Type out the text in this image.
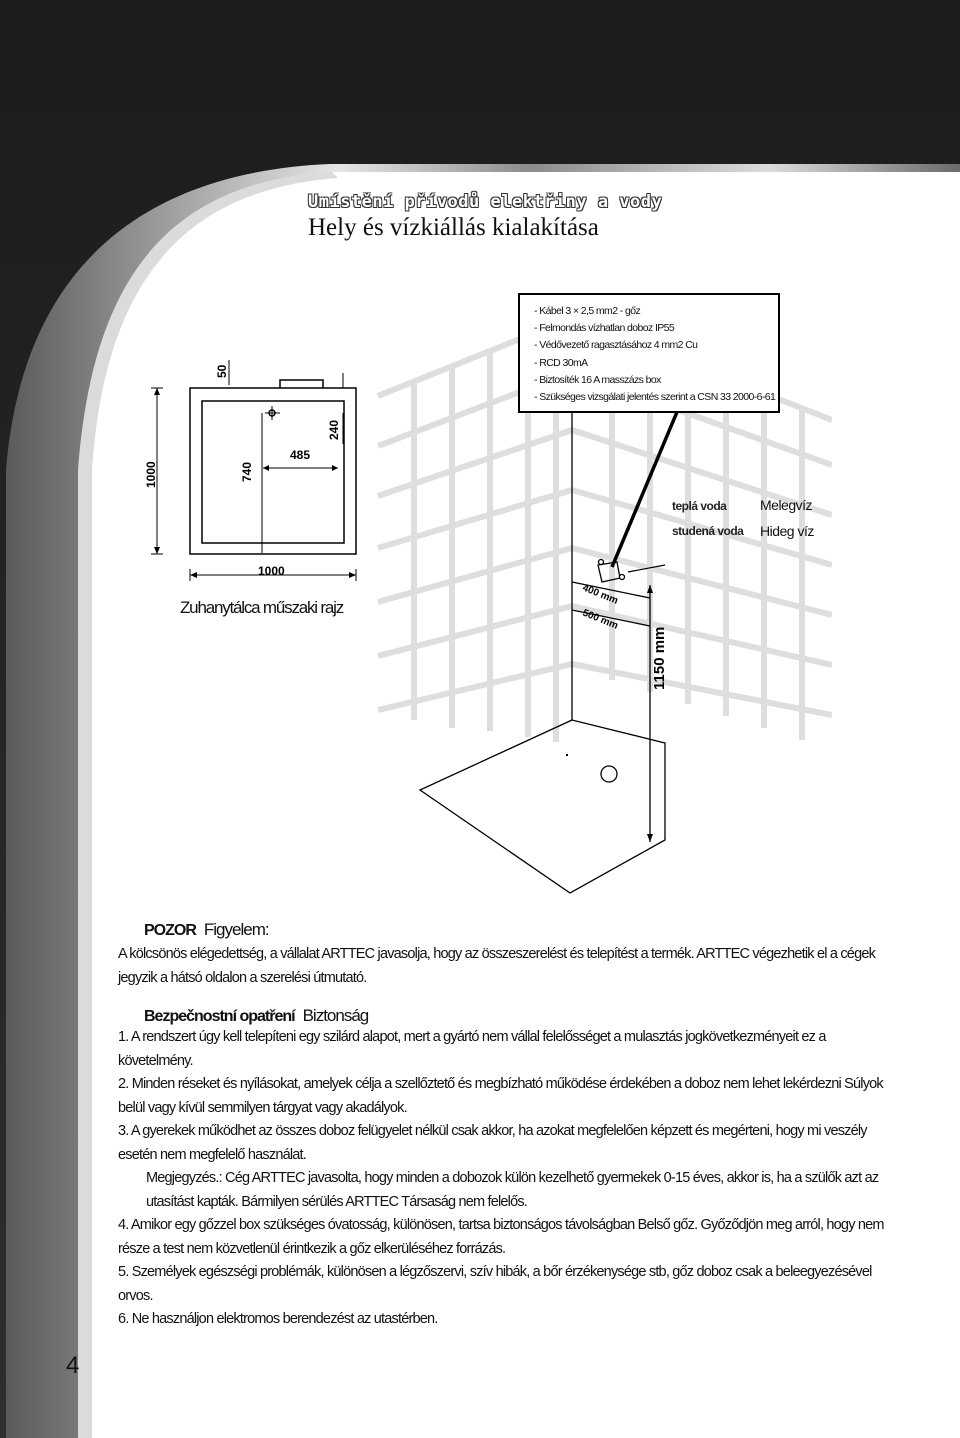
Umístění přívodů elektřiny a vody
Hely és vízkiállás kialakítása
50
240
485
740
1000
1000
Zuhanytálca műszaki rajz
400 mm
500 mm
1150 mm
- Kábel 3 × 2,5 mm2 - gőz
- Felmondás vízhatlan doboz IP55
- Védővezető ragasztásához 4 mm2 Cu
- RCD 30mA
- Biztosíték 16 A masszázs box
- Szükséges vizsgálati jelentés szerint a CSN 33 2000-6-61
teplá voda Melegvíz
studená voda Hideg víz
POZOR Figyelem:
A kölcsönös elégedettség, a vállalat ARTTEC javasolja, hogy az összeszerelést és telepítést a termék. ARTTEC végezhetik el a cégek jegyzik a hátsó oldalon a szerelési útmutató.
Bezpečnostní opatření Biztonság
1. A rendszert úgy kell telepíteni egy szilárd alapot, mert a gyártó nem vállal felelősséget a mulasztás jogkövetkezményeit ez a követelmény.
2. Minden réseket és nyílásokat, amelyek célja a szellőztető és megbízható működése érdekében a doboz nem lehet lekérdezni Súlyok belül vagy kívül semmilyen tárgyat vagy akadályok.
3. A gyerekek működhet az összes doboz felügyelet nélkül csak akkor, ha azokat megfelelően képzett és megérteni, hogy mi veszély esetén nem megfelelő használat.
Megjegyzés.: Cég ARTTEC javasolta, hogy minden a dobozok külön kezelhető gyermekek 0-15 éves, akkor is, ha a szülők azt az utasítást kapták. Bármilyen sérülés ARTTEC Társaság nem felelős.
4. Amikor egy gőzzel box szükséges óvatosság, különösen, tartsa biztonságos távolságban Belső gőz. Győződjön meg arról, hogy nem része a test nem közvetlenül érintkezik a gőz elkerüléséhez forrázás.
5. Személyek egészségi problémák, különösen a légzőszervi, szív hibák, a bőr érzékenysége stb, gőz doboz csak a beleegyezésével orvos.
6. Ne használjon elektromos berendezést az utastérben.
4
